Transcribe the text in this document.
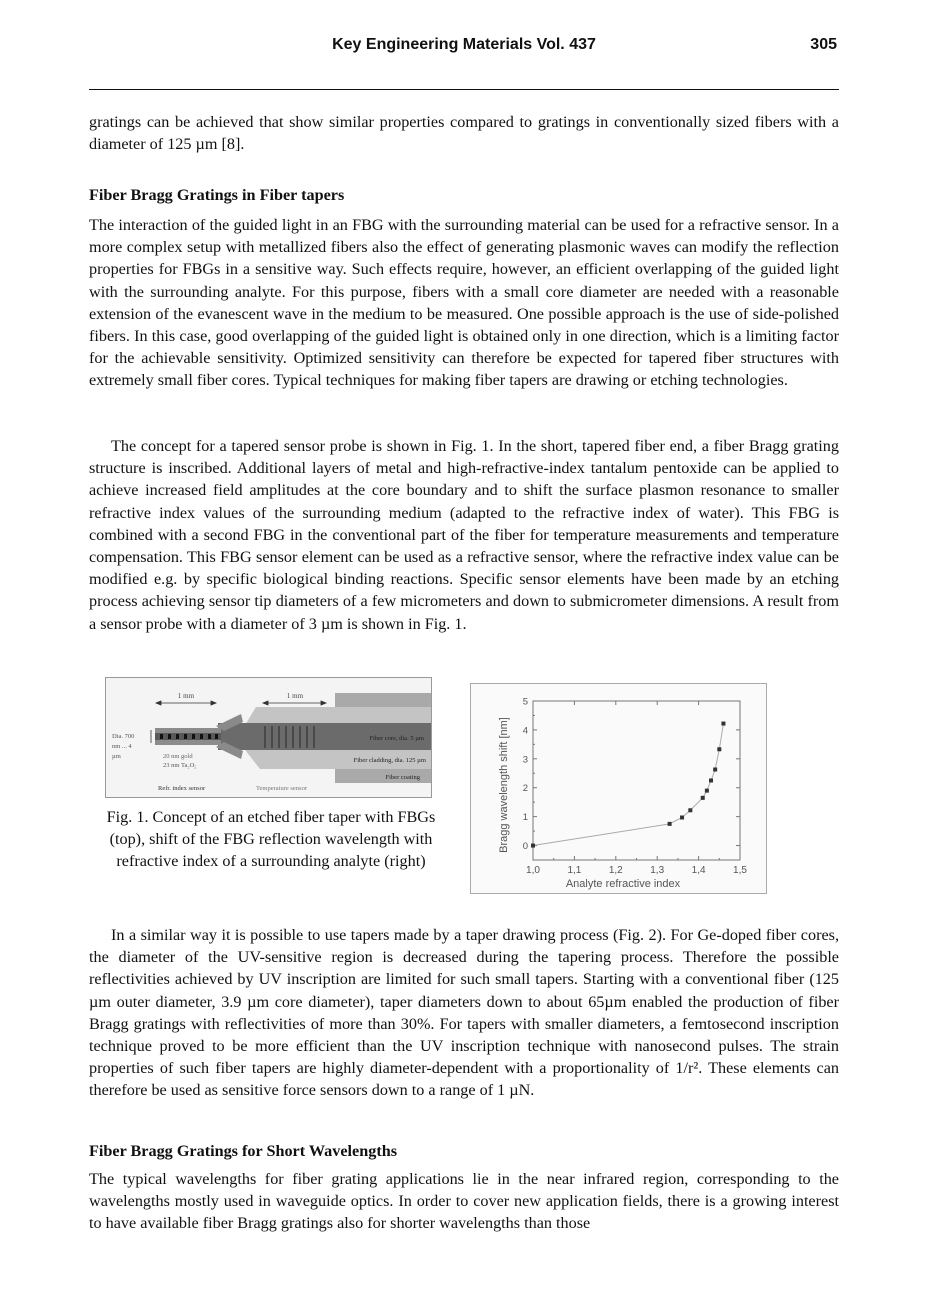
Key Engineering Materials Vol. 437	305

gratings can be achieved that show similar properties compared to gratings in conventionally sized fibers with a diameter of 125 µm [8].

Fiber Bragg Gratings in Fiber tapers

The interaction of the guided light in an FBG with the surrounding material can be used for a refractive sensor. In a more complex setup with metallized fibers also the effect of generating plasmonic waves can modify the reflection properties for FBGs in a sensitive way. Such effects require, however, an efficient overlapping of the guided light with the surrounding analyte. For this purpose, fibers with a small core diameter are needed with a reasonable extension of the evanescent wave in the medium to be measured. One possible approach is the use of side-polished fibers. In this case, good overlapping of the guided light is obtained only in one direction, which is a limiting factor for the achievable sensitivity. Optimized sensitivity can therefore be expected for tapered fiber structures with extremely small fiber cores. Typical techniques for making fiber tapers are drawing or etching technologies.

The concept for a tapered sensor probe is shown in Fig. 1. In the short, tapered fiber end, a fiber Bragg grating structure is inscribed. Additional layers of metal and high-refractive-index tantalum pentoxide can be applied to achieve increased field amplitudes at the core boundary and to shift the surface plasmon resonance to smaller refractive index values of the surrounding medium (adapted to the refractive index of water). This FBG is combined with a second FBG in the conventional part of the fiber for temperature measurements and temperature compensation. This FBG sensor element can be used as a refractive sensor, where the refractive index value can be modified e.g. by specific biological binding reactions. Specific sensor elements have been made by an etching process achieving sensor tip diameters of a few micrometers and down to submicrometer dimensions. A result from a sensor probe with a diameter of 3 µm is shown in Fig. 1.

1 mm	1 mm
Dia. 700
nm ... 4
µm	20 nm gold
23 nm Ta₂O₅
Fiber core, dia. 5 µm
Fiber cladding, dia. 125 µm
Fiber coating
Refr. index sensor	Temperature sensor
Fig. 1. Concept of an etched fiber taper with FBGs (top), shift of the FBG reflection wavelength with refractive index of a surrounding analyte (right)
1,0	1,1	1,2	1,3	1,4	1,5
0
1
2
3
4
5
Analyte refractive index
Bragg wavelength shift [nm]

In a similar way it is possible to use tapers made by a taper drawing process (Fig. 2). For Ge-doped fiber cores, the diameter of the UV-sensitive region is decreased during the tapering process. Therefore the possible reflectivities achieved by UV inscription are limited for such small tapers. Starting with a conventional fiber (125 µm outer diameter, 3.9 µm core diameter), taper diameters down to about 65µm enabled the production of fiber Bragg gratings with reflectivities of more than 30%. For tapers with smaller diameters, a femtosecond inscription technique proved to be more efficient than the UV inscription technique with nanosecond pulses. The strain properties of such fiber tapers are highly diameter-dependent with a proportionality of 1/r². These elements can therefore be used as sensitive force sensors down to a range of 1 µN.

Fiber Bragg Gratings for Short Wavelengths

The typical wavelengths for fiber grating applications lie in the near infrared region, corresponding to the wavelengths mostly used in waveguide optics. In order to cover new application fields, there is a growing interest to have available fiber Bragg gratings also for shorter wavelengths than those
